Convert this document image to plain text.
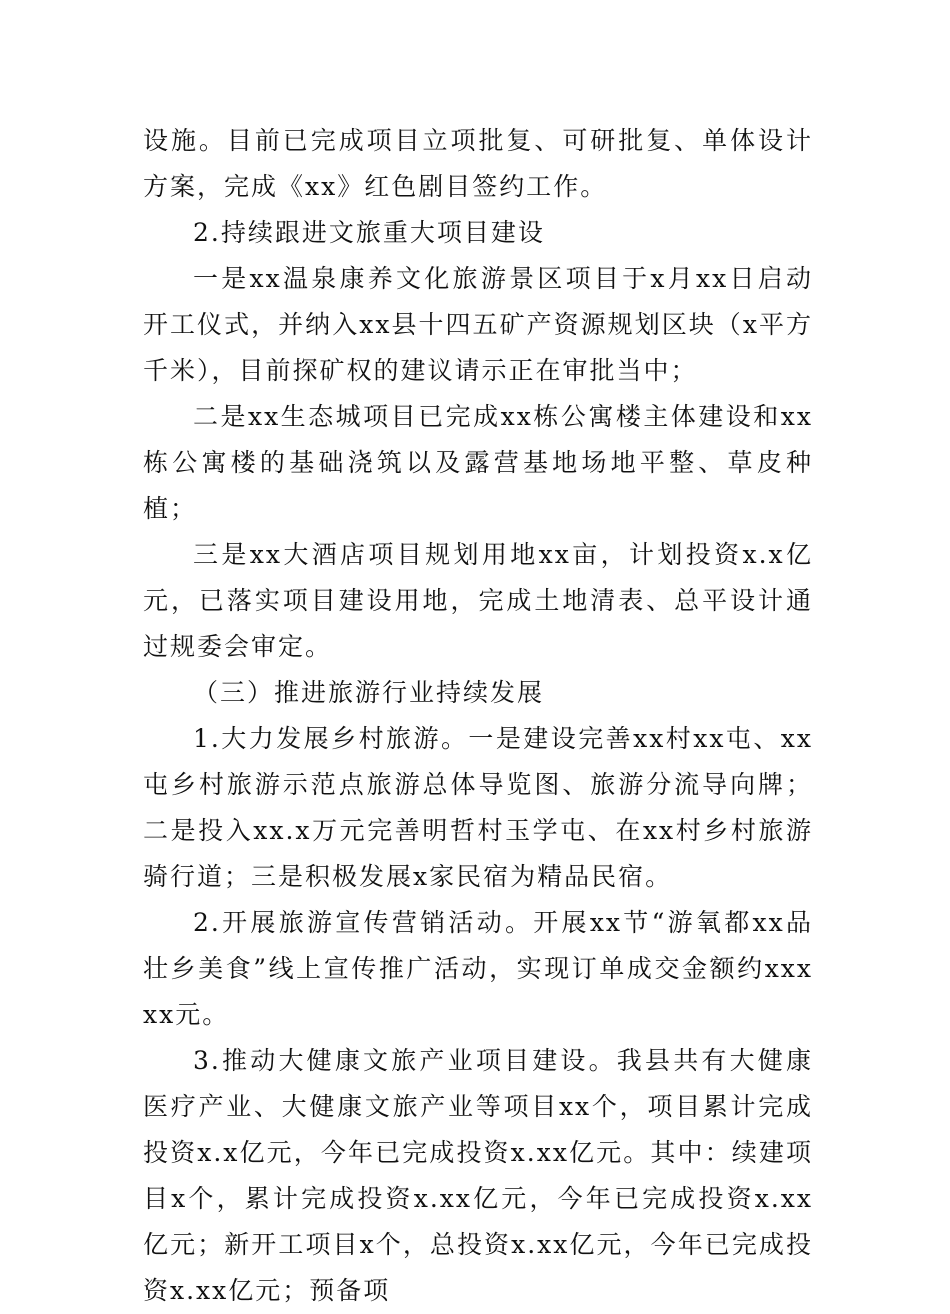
设施。目前已完成项目立项批复、可研批复、单体设计方案，完成《xx》红色剧目签约工作。

2.持续跟进文旅重大项目建设

一是xx温泉康养文化旅游景区项目于x月xx日启动开工仪式，并纳入xx县十四五矿产资源规划区块（x平方千米），目前探矿权的建议请示正在审批当中；

二是xx生态城项目已完成xx栋公寓楼主体建设和xx栋公寓楼的基础浇筑以及露营基地场地平整、草皮种植；

三是xx大酒店项目规划用地xx亩，计划投资x.x亿元，已落实项目建设用地，完成土地清表、总平设计通过规委会审定。

（三）推进旅游行业持续发展

1.大力发展乡村旅游。一是建设完善xx村xx屯、xx屯乡村旅游示范点旅游总体导览图、旅游分流导向牌；二是投入xx.x万元完善明哲村玉学屯、在xx村乡村旅游骑行道；三是积极发展x家民宿为精品民宿。

2.开展旅游宣传营销活动。开展xx节“游氧都xx品壮乡美食”线上宣传推广活动，实现订单成交金额约xxxxx元。

3.推动大健康文旅产业项目建设。我县共有大健康医疗产业、大健康文旅产业等项目xx个，项目累计完成投资x.x亿元，今年已完成投资x.xx亿元。其中：续建项目x个，累计完成投资x.xx亿元，今年已完成投资x.xx亿元；新开工项目x个，总投资x.xx亿元，今年已完成投资x.xx亿元；预备项
